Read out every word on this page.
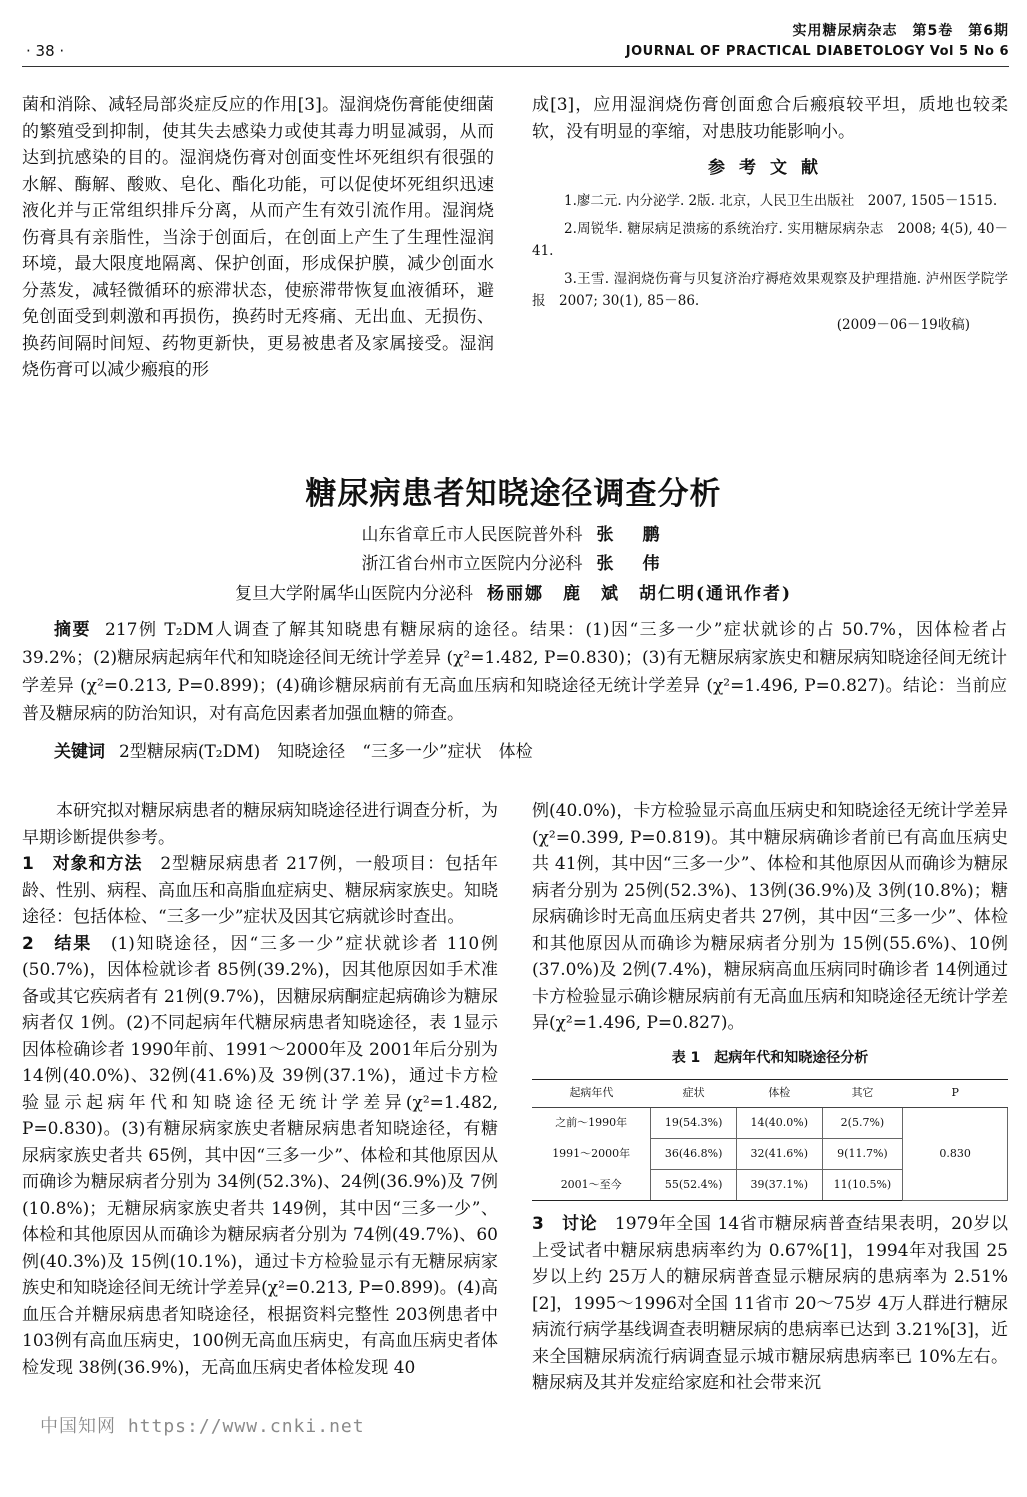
· 38 ·
实用糖尿病杂志　第5卷　第6期
JOURNAL OF PRACTICAL DIABETOLOGY Vol 5 No 6

菌和消除、减轻局部炎症反应的作用[3]。湿润烧伤膏能使细菌的繁殖受到抑制，使其失去感染力或使其毒力明显减弱，从而达到抗感染的目的。湿润烧伤膏对创面变性坏死组织有很强的水解、酶解、酸败、皂化、酯化功能，可以促使坏死组织迅速液化并与正常组织排斥分离，从而产生有效引流作用。湿润烧伤膏具有亲脂性，当涂于创面后，在创面上产生了生理性湿润环境，最大限度地隔离、保护创面，形成保护膜，减少创面水分蒸发，减轻微循环的瘀滞状态，使瘀滞带恢复血液循环，避免创面受到刺激和再损伤，换药时无疼痛、无出血、无损伤、换药间隔时间短、药物更新快，更易被患者及家属接受。湿润烧伤膏可以减少瘢痕的形

成[3]，应用湿润烧伤膏创面愈合后瘢痕较平坦，质地也较柔软，没有明显的挛缩，对患肢功能影响小。

参考文献
1.廖二元. 内分泌学. 2版. 北京，人民卫生出版社　2007, 1505－1515.
2.周锐华. 糖尿病足溃疡的系统治疗. 实用糖尿病杂志　2008; 4(5), 40－41.
3.王雪. 湿润烧伤膏与贝复济治疗褥疮效果观察及护理措施. 泸州医学院学报　2007; 30(1), 85－86.
(2009－06－19收稿)
糖尿病患者知晓途径调查分析
山东省章丘市人民医院普外科 张　鹏
浙江省台州市立医院内分泌科 张　伟
复旦大学附属华山医院内分泌科 杨丽娜　鹿　斌　胡仁明(通讯作者)
摘要 217例 T₂DM人调查了解其知晓患有糖尿病的途径。结果：(1)因“三多一少”症状就诊的占 50.7%，因体检者占 39.2%；(2)糖尿病起病年代和知晓途径间无统计学差异 (χ²=1.482, P=0.830)；(3)有无糖尿病家族史和糖尿病知晓途径间无统计学差异 (χ²=0.213, P=0.899)；(4)确诊糖尿病前有无高血压病和知晓途径无统计学差异 (χ²=1.496, P=0.827)。结论：当前应普及糖尿病的防治知识，对有高危因素者加强血糖的筛查。
关键词 2型糖尿病(T₂DM)　知晓途径　“三多一少”症状　体检

本研究拟对糖尿病患者的糖尿病知晓途径进行调查分析，为早期诊断提供参考。

1　对象和方法　 2型糖尿病患者 217例，一般项目：包括年龄、性别、病程、高血压和高脂血症病史、糖尿病家族史。知晓途径：包括体检、“三多一少”症状及因其它病就诊时查出。

2　结果　 (1)知晓途径，因“三多一少”症状就诊者 110例 (50.7%)，因体检就诊者 85例(39.2%)，因其他原因如手术准备或其它疾病者有 21例(9.7%)，因糖尿病酮症起病确诊为糖尿病者仅 1例。(2)不同起病年代糖尿病患者知晓途径，表 1显示因体检确诊者 1990年前、1991～2000年及 2001年后分别为 14例(40.0%)、32例(41.6%)及 39例(37.1%)，通过卡方检验显示起病年代和知晓途径无统计学差异(χ²=1.482, P=0.830)。(3)有糖尿病家族史者糖尿病患者知晓途径，有糖尿病家族史者共 65例，其中因“三多一少”、体检和其他原因从而确诊为糖尿病者分别为 34例(52.3%)、24例(36.9%)及 7例(10.8%)；无糖尿病家族史者共 149例，其中因“三多一少”、体检和其他原因从而确诊为糖尿病者分别为 74例(49.7%)、60例(40.3%)及 15例(10.1%)，通过卡方检验显示有无糖尿病家族史和知晓途径间无统计学差异(χ²=0.213, P=0.899)。(4)高血压合并糖尿病患者知晓途径，根据资料完整性 203例患者中 103例有高血压病史，100例无高血压病史，有高血压病史者体检发现 38例(36.9%)，无高血压病史者体检发现 40

例(40.0%)，卡方检验显示高血压病史和知晓途径无统计学差异(χ²=0.399, P=0.819)。其中糖尿病确诊者前已有高血压病史共 41例，其中因“三多一少”、体检和其他原因从而确诊为糖尿病者分别为 25例(52.3%)、13例(36.9%)及 3例(10.8%)；糖尿病确诊时无高血压病史者共 27例，其中因“三多一少”、体检和其他原因从而确诊为糖尿病者分别为 15例(55.6%)、10例(37.0%)及 2例(7.4%)，糖尿病高血压病同时确诊者 14例通过卡方检验显示确诊糖尿病前有无高血压病和知晓途径无统计学差异(χ²=1.496, P=0.827)。

表 1　起病年代和知晓途径分析
起病年代	症状	体检	其它	P
之前～1990年	19(54.3%)	14(40.0%)	2(5.7%)	0.830
1991～2000年	36(46.8%)	32(41.6%)	9(11.7%)	
2001～至今	55(52.4%)	39(37.1%)	11(10.5%)	

3　讨论　 1979年全国 14省市糖尿病普查结果表明，20岁以上受试者中糖尿病患病率约为 0.67%[1]，1994年对我国 25岁以上约 25万人的糖尿病普查显示糖尿病的患病率为 2.51%[2]，1995～1996对全国 11省市 20～75岁 4万人群进行糖尿病流行病学基线调查表明糖尿病的患病率已达到 3.21%[3]，近来全国糖尿病流行病调查显示城市糖尿病患病率已 10%左右。糖尿病及其并发症给家庭和社会带来沉

中国知网 https://www.cnki.net
